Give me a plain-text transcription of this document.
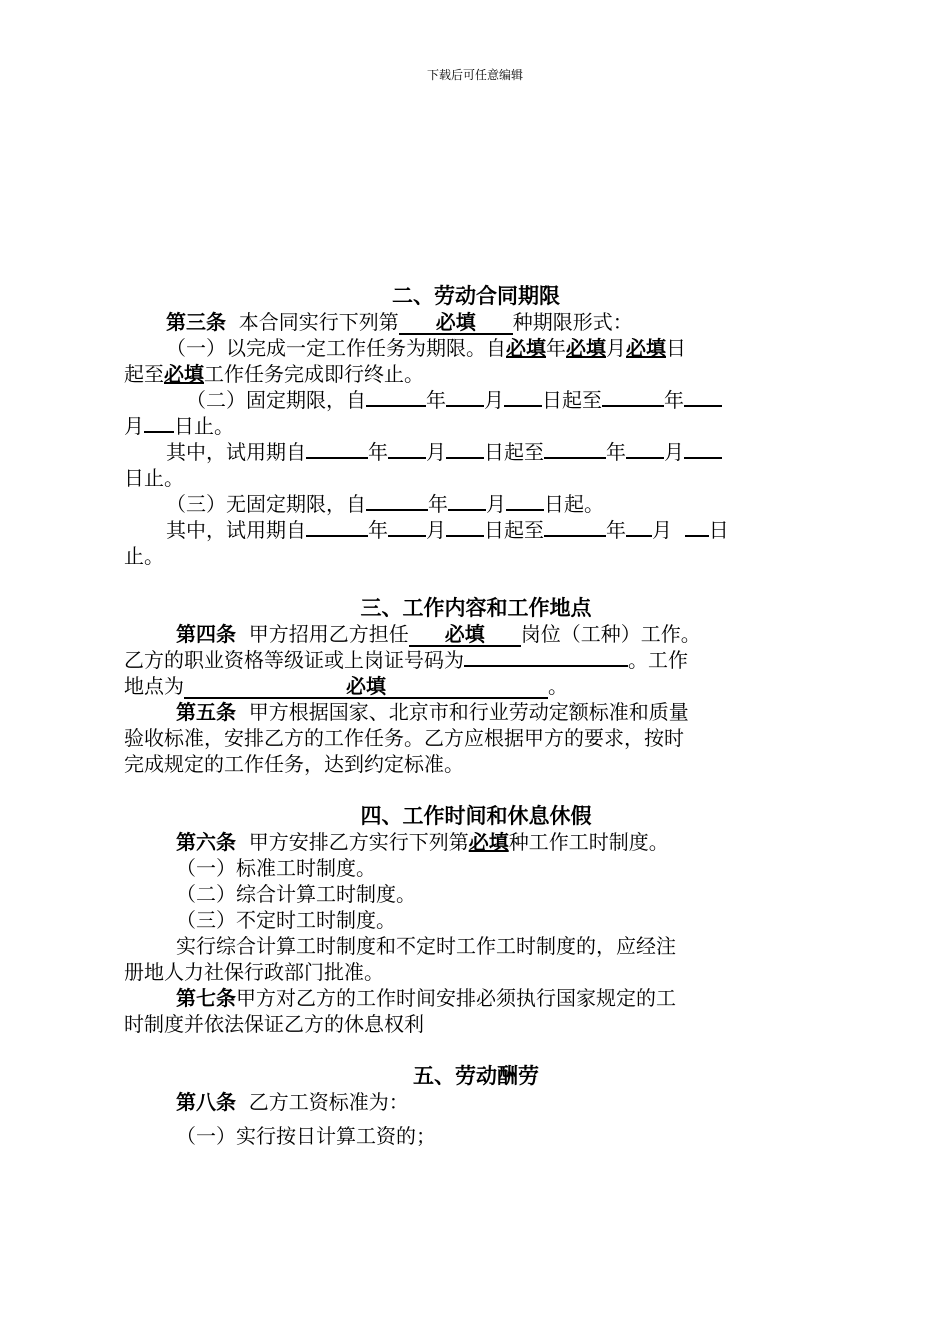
下载后可任意编辑

二、劳动合同期限

第三条 本合同实行下列第 必填 种期限形式：

（一）以完成一定工作任务为期限。自必填年必填月必填日

起至必填工作任务完成即行终止。

（二）固定期限，自	年 月 日起至	年

月 日止。

其中，试用期自	年 月 日起至	年 月

日止。

（三）无固定期限，自	年 月 日起。

其中，试用期自	年 月 日起至	年 月 日

止。

三、工作内容和工作地点

第四条 甲方招用乙方担任 必填 岗位（工种）工作。

乙方的职业资格等级证或上岗证号码为	。工作

地点为	必填	。

第五条 甲方根据国家、北京市和行业劳动定额标准和质量

验收标准，安排乙方的工作任务。乙方应根据甲方的要求，按时

完成规定的工作任务，达到约定标准。

四、工作时间和休息休假

第六条 甲方安排乙方实行下列第必填种工作工时制度。

（一）标准工时制度。

（二）综合计算工时制度。

（三）不定时工时制度。

实行综合计算工时制度和不定时工作工时制度的，应经注

册地人力社保行政部门批准。

第七条甲方对乙方的工作时间安排必须执行国家规定的工

时制度并依法保证乙方的休息权利

五、劳动酬劳

第八条 乙方工资标准为：

（一）实行按日计算工资的；
